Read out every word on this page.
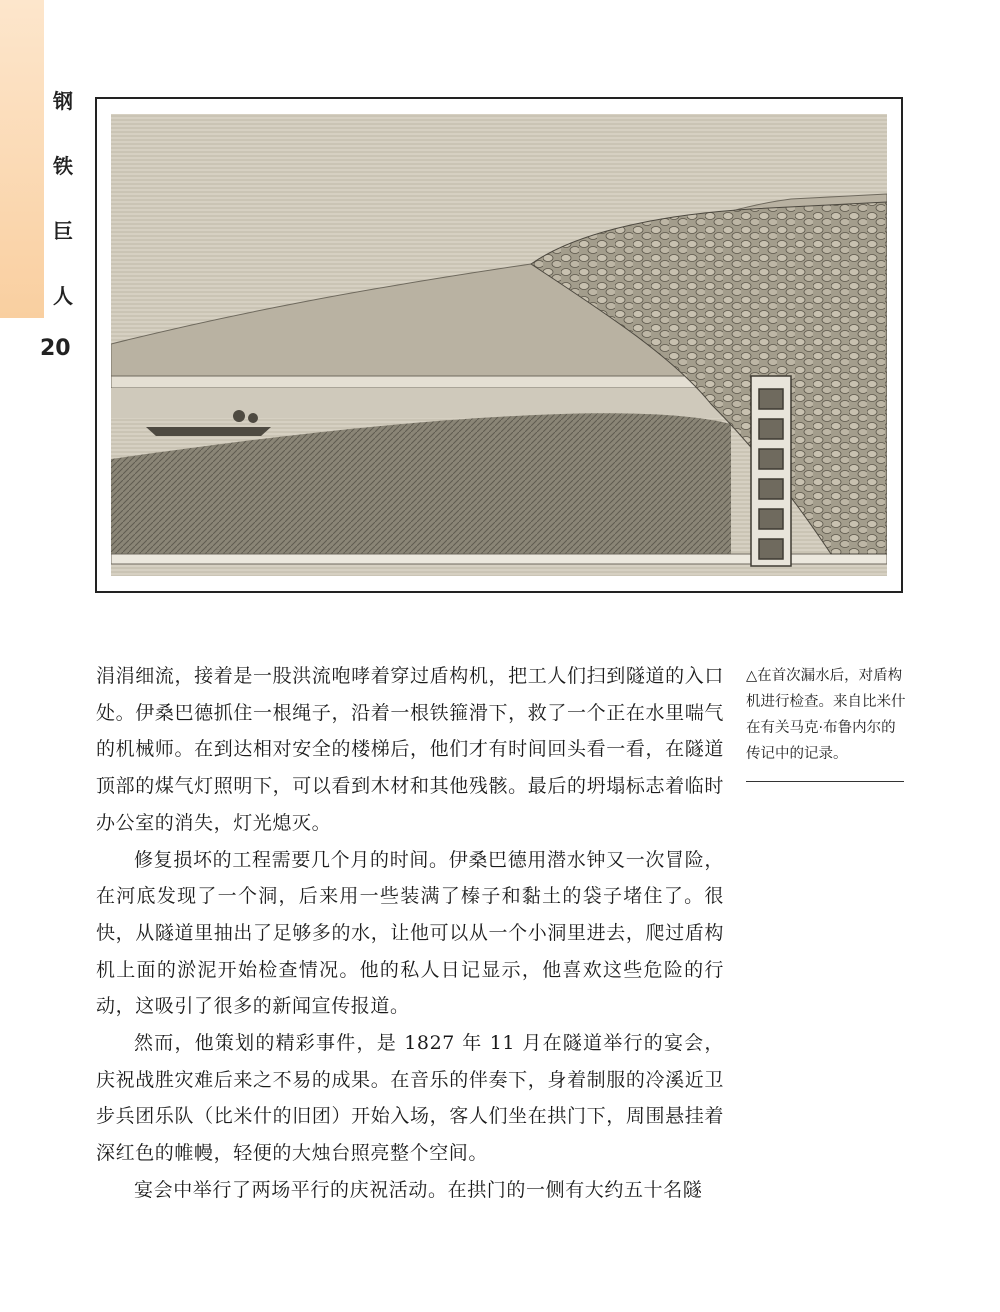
钢
铁
巨
人
20

涓涓细流，接着是一股洪流咆哮着穿过盾构机，把工人们扫到隧道的入口处。伊桑巴德抓住一根绳子，沿着一根铁箍滑下，救了一个正在水里喘气的机械师。在到达相对安全的楼梯后，他们才有时间回头看一看，在隧道顶部的煤气灯照明下，可以看到木材和其他残骸。最后的坍塌标志着临时办公室的消失，灯光熄灭。

修复损坏的工程需要几个月的时间。伊桑巴德用潜水钟又一次冒险，在河底发现了一个洞，后来用一些装满了榛子和黏土的袋子堵住了。很快，从隧道里抽出了足够多的水，让他可以从一个小洞里进去，爬过盾构机上面的淤泥开始检查情况。他的私人日记显示，他喜欢这些危险的行动，这吸引了很多的新闻宣传报道。

然而，他策划的精彩事件，是 1827 年 11 月在隧道举行的宴会，庆祝战胜灾难后来之不易的成果。在音乐的伴奏下，身着制服的冷溪近卫步兵团乐队（比米什的旧团）开始入场，客人们坐在拱门下，周围悬挂着深红色的帷幔，轻便的大烛台照亮整个空间。

宴会中举行了两场平行的庆祝活动。在拱门的一侧有大约五十名隧

△在首次漏水后，对盾构机进行检查。来自比米什在有关马克·布鲁内尔的传记中的记录。
